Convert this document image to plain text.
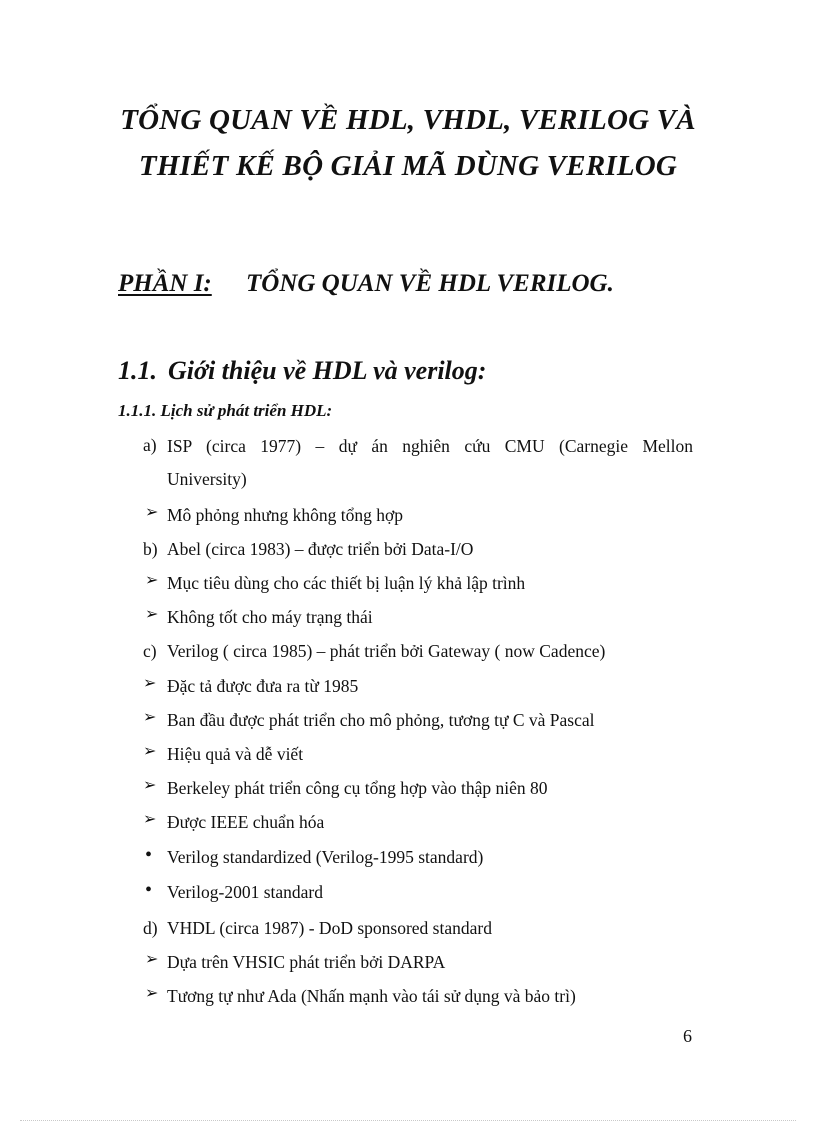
TỔNG QUAN VỀ HDL, VHDL, VERILOG VÀ
THIẾT KẾ BỘ GIẢI MÃ DÙNG VERILOG
PHẦN I: TỔNG QUAN VỀ HDL VERILOG.
1.1. Giới thiệu về HDL và verilog:
1.1.1. Lịch sử phát triển HDL:
a) ISP (circa 1977) – dự án nghiên cứu CMU (Carnegie Mellon
University)
➢ Mô phỏng nhưng không tổng hợp
b) Abel (circa 1983) – được triển bởi Data-I/O
➢ Mục tiêu dùng cho các thiết bị luận lý khả lập trình
➢ Không tốt cho máy trạng thái
c) Verilog ( circa 1985) – phát triển bởi Gateway ( now Cadence)
➢ Đặc tả được đưa ra từ 1985
➢ Ban đầu được phát triển cho mô phỏng, tương tự C và Pascal
➢ Hiệu quả và dễ viết
➢ Berkeley phát triển công cụ tổng hợp vào thập niên 80
➢ Được IEEE chuẩn hóa
• Verilog standardized (Verilog-1995 standard)
• Verilog-2001 standard
d) VHDL (circa 1987) - DoD sponsored standard
➢ Dựa trên VHSIC phát triển bởi DARPA
➢ Tương tự như Ada (Nhấn mạnh vào tái sử dụng và bảo trì)
6
